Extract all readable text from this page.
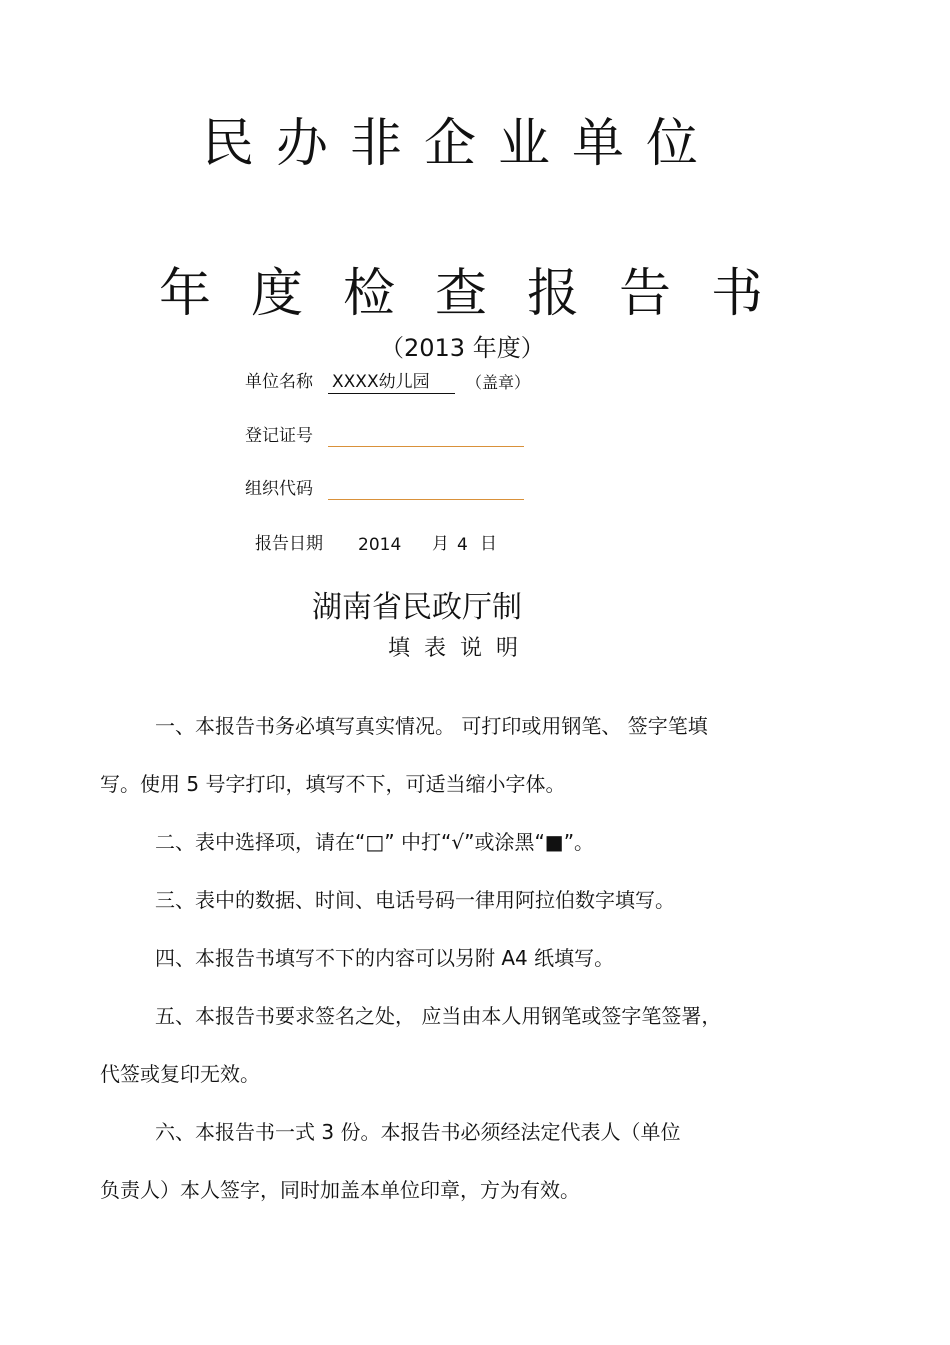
民办非企业单位
年度检查报告书
（2013 年度）
单位名称 XXXX幼儿园	（盖章）
登记证号
组织代码
报告日期 2014 月 4 日
湖南省民政厅制
填表说明
一、本报告书务必填写真实情况。 可打印或用钢笔、 签字笔填
写。使用 5 号字打印，填写不下，可适当缩小字体。
二、表中选择项，请在“□” 中打“√”或涂黑“■”。
三、表中的数据、时间、电话号码一律用阿拉伯数字填写。
四、本报告书填写不下的内容可以另附 A4 纸填写。
五、本报告书要求签名之处， 应当由本人用钢笔或签字笔签署，
代签或复印无效。
六、本报告书一式 3 份。本报告书必须经法定代表人（单位
负责人）本人签字，同时加盖本单位印章，方为有效。
